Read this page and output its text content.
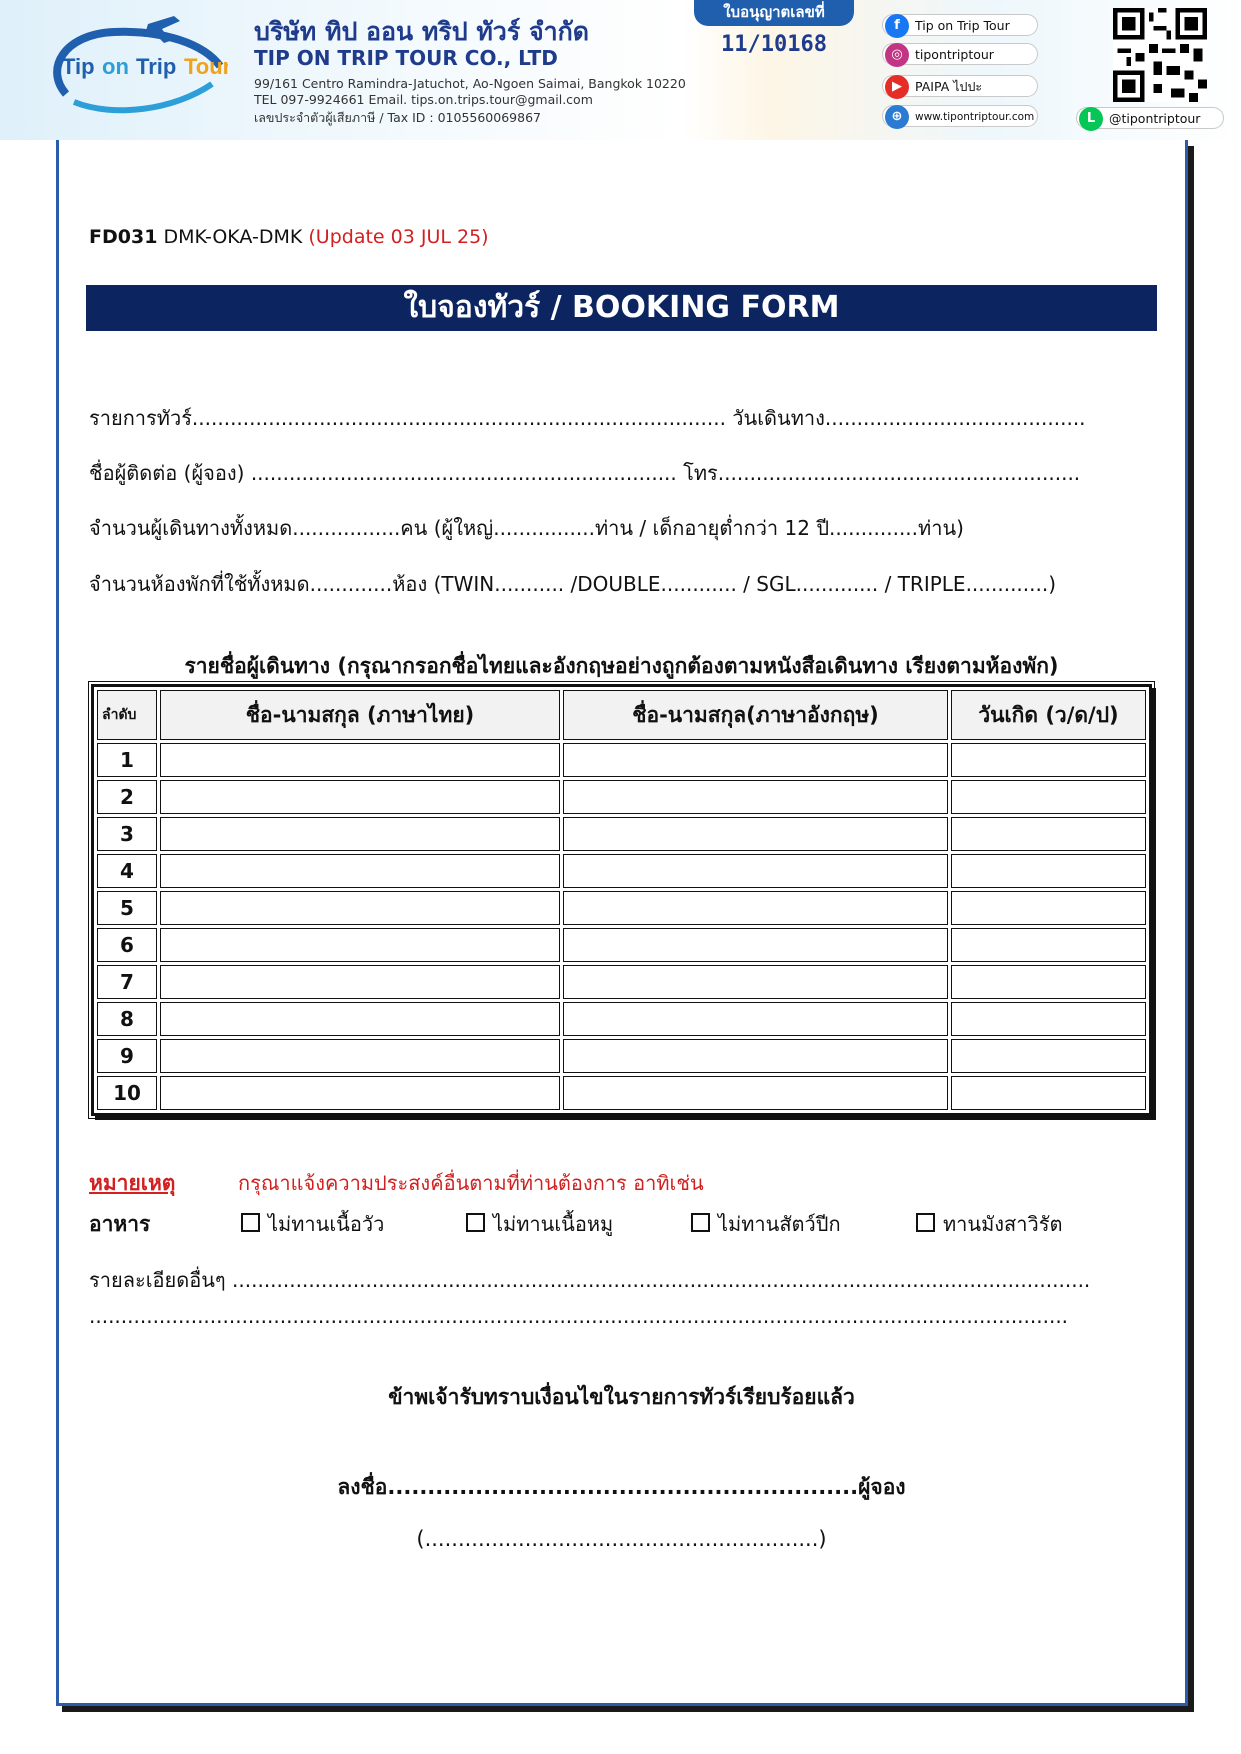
Tip on Trip Tour
บริษัท ทิป ออน ทริป ทัวร์ จำกัด
TIP ON TRIP TOUR CO., LTD
99/161 Centro Ramindra-Jatuchot, Ao-Ngoen Saimai, Bangkok 10220
TEL 097-9924661 Email. tips.on.trips.tour@gmail.com
เลขประจำตัวผู้เสียภาษี / Tax ID : 0105560069867
ใบอนุญาตเลขที่
11/10168
f	Tip on Trip Tour
◎ tipontriptour
▶	PAIPA ไปปะ
⊕	www.tipontriptour.com	L	@tipontriptour
FD031 DMK-OKA-DMK (Update 03 JUL 25)
ใบจองทัวร์ / BOOKING FORM
รายการทัวร์.................................................................................... วันเดินทาง.........................................
ชื่อผู้ติดต่อ (ผู้จอง) ................................................................... โทร.........................................................
จำนวนผู้เดินทางทั้งหมด.................คน (ผู้ใหญ่................ท่าน / เด็กอายุต่ำกว่า 12 ปี..............ท่าน)
จำนวนห้องพักที่ใช้ทั้งหมด.............ห้อง (TWIN........... /DOUBLE............ / SGL............. / TRIPLE.............)
รายชื่อผู้เดินทาง (กรุณากรอกชื่อไทยและอังกฤษอย่างถูกต้องตามหนังสือเดินทาง เรียงตามห้องพัก)
ลำดับ	ชื่อ-นามสกุล (ภาษาไทย)	ชื่อ-นามสกุล(ภาษาอังกฤษ)	วันเกิด (ว/ด/ป)
1			
2			
3			
4			
5			
6			
7			
8			
9			
10			
หมายเหตุ	กรุณาแจ้งความประสงค์อื่นตามที่ท่านต้องการ อาทิเช่น
อาหาร	ไม่ทานเนื้อวัว	ไม่ทานเนื้อหมู	ไม่ทานสัตว์ปีก	ทานมังสาวิรัต
รายละเอียดอื่นๆ .......................................................................................................................................
..........................................................................................................................................................
ข้าพเจ้ารับทราบเงื่อนไขในรายการทัวร์เรียบร้อยแล้ว
ลงชื่อ...........................................................ผู้จอง
(...........................................................)
